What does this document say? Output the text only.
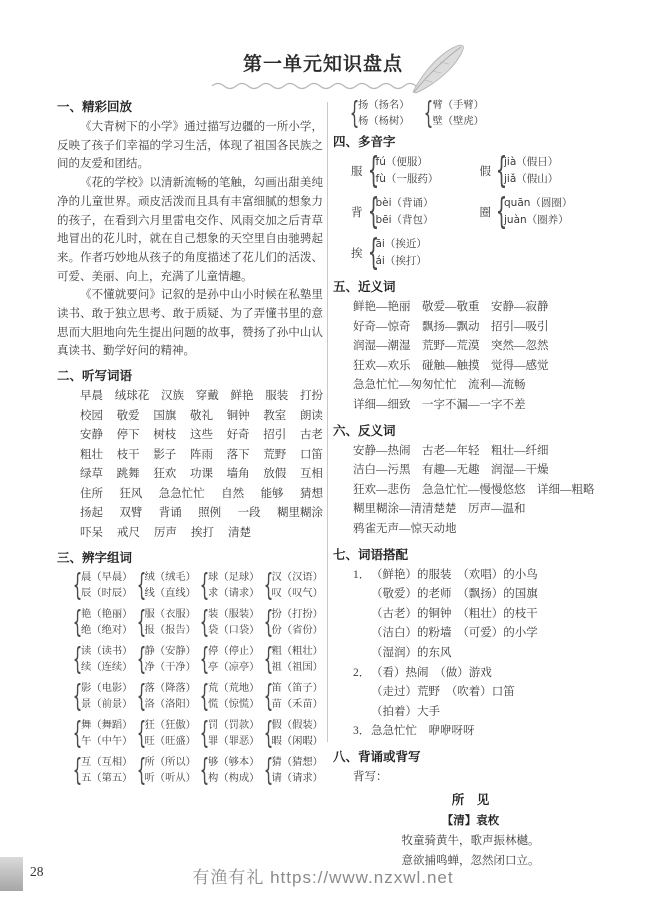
第一单元知识盘点
一、精彩回放

《大青树下的小学》通过描写边疆的一所小学，反映了孩子们幸福的学习生活，体现了祖国各民族之间的友爱和团结。

《花的学校》以清新流畅的笔触，勾画出甜美纯净的儿童世界。顽皮活泼而且具有丰富细腻的想象力的孩子，在看到六月里雷电交作、风雨交加之后青草地冒出的花儿时，就在自己想象的天空里自由驰骋起来。作者巧妙地从孩子的角度描述了花儿们的活泼、可爱、美丽、向上，充满了儿童情趣。

《不懂就要问》记叙的是孙中山小时候在私塾里读书、敢于独立思考、敢于质疑、为了弄懂书里的意思而大胆地向先生提出问题的故事，赞扬了孙中山认真读书、勤学好问的精神。

二、听写词语
早晨 绒球花 汉族 穿戴 鲜艳 服装 打扮
校园 敬爱 国旗 敬礼 铜钟 教室 朗读
安静 停下 树枝 这些 好奇 招引 古老
粗壮 枝干 影子 阵雨 落下 荒野 口笛
绿草 跳舞 狂欢 功课 墙角 放假 互相
住所 狂风 急急忙忙 自然 能够 猜想
扬起 双臂 背诵 照例 一段 糊里糊涂
吓呆 戒尺 厉声 挨打 清楚
三、辨字组词
{
晨（早晨）
辰（时辰） {
绒（绒毛）
线（直线） {
球（足球）
求（请求） {
汉（汉语）
叹（叹气）
{
艳（艳丽）
绝（绝对） {
服（衣服）
报（报告） {
装（服装）
袋（口袋） {
扮（打扮）
份（省份）
{
读（读书）
续（连续） {
静（安静）
净（干净） {
停（停止）
亭（凉亭） {
粗（粗壮）
祖（祖国）
{
影（电影）
景（前景） {
落（降落）
洛（洛阳） {
荒（荒地）
慌（惊慌） {
笛（笛子）
苗（禾苗）
{
舞（舞蹈）
午（中午） {
狂（狂傲）
旺（旺盛） {
罚（罚款）
罪（罪恶） {
假（假装）
暇（闲暇）
{
互（互相）
五（第五） {
所（所以）
听（听从） {
够（够本）
构（构成） {
猜（猜想）
请（请求）
{
扬（扬名）
杨（杨树） {
臂（手臂）
壁（壁虎）
四、多音字
服 {
fú（便服）
fù（一服药）
假 {
jià（假日）
jiǎ（假山）
背 {
bèi（背诵）
bēi（背包）
圈 {
quān（圆圈）
juàn（圈养）
挨 {
āi（挨近）
ái（挨打）
五、近义词
鲜艳—艳丽　敬爱—敬重　安静—寂静
好奇—惊奇　飘扬—飘动　招引—吸引
润湿—潮湿　荒野—荒漠　突然—忽然
狂欢—欢乐　碰触—触摸　觉得—感觉
急急忙忙—匆匆忙忙　流利—流畅
详细—细致　一字不漏—一字不差
六、反义词
安静—热闹　古老—年轻　粗壮—纤细
洁白—污黑　有趣—无趣　润湿—干燥
狂欢—悲伤　急急忙忙—慢慢悠悠　详细—粗略
糊里糊涂—清清楚楚　厉声—温和
鸦雀无声—惊天动地
七、词语搭配
1． （鲜艳）的服装　（欢唱）的小鸟
（敬爱）的老师　（飘扬）的国旗
（古老）的铜钟　（粗壮）的枝干
（洁白）的粉墙　（可爱）的小学
（湿润）的东风
2． （看）热闹　（做）游戏
（走过）荒野　（吹着）口笛
（拍着）大手
3． 急急忙忙　咿咿呀呀
八、背诵或背写
背写：
所　见
【清】袁枚
牧童骑黄牛，歌声振林樾。
意欲捕鸣蝉，忽然闭口立。
28	有渔有礼 https://www.nzxwl.net
